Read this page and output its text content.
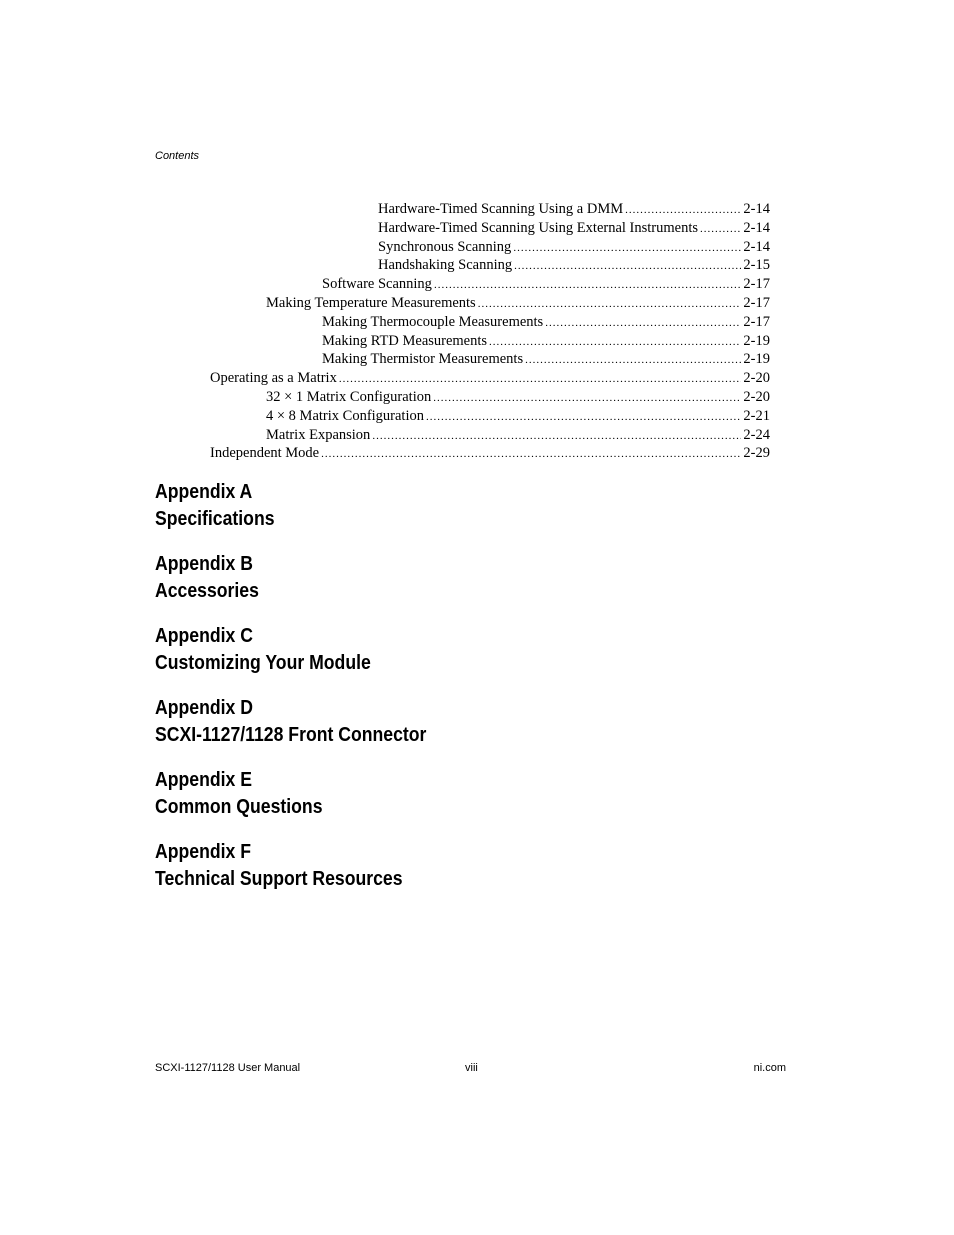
Contents
Hardware-Timed Scanning Using a DMM .....	2-14
Hardware-Timed Scanning Using External Instruments .....	2-14
Synchronous Scanning .....	2-14
Handshaking Scanning .....	2-15
Software Scanning .....	2-17
Making Temperature Measurements .....	2-17
Making Thermocouple Measurements .....	2-17
Making RTD Measurements .....	2-19
Making Thermistor Measurements .....	2-19
Operating as a Matrix .....	2-20
32 × 1 Matrix Configuration .....	2-20
4 × 8 Matrix Configuration .....	2-21
Matrix Expansion .....	2-24
Independent Mode .....	2-29
Appendix A
Specifications
Appendix B
Accessories
Appendix C
Customizing Your Module
Appendix D
SCXI-1127/1128 Front Connector
Appendix E
Common Questions
Appendix F
Technical Support Resources
SCXI-1127/1128 User Manual	viii	ni.com
